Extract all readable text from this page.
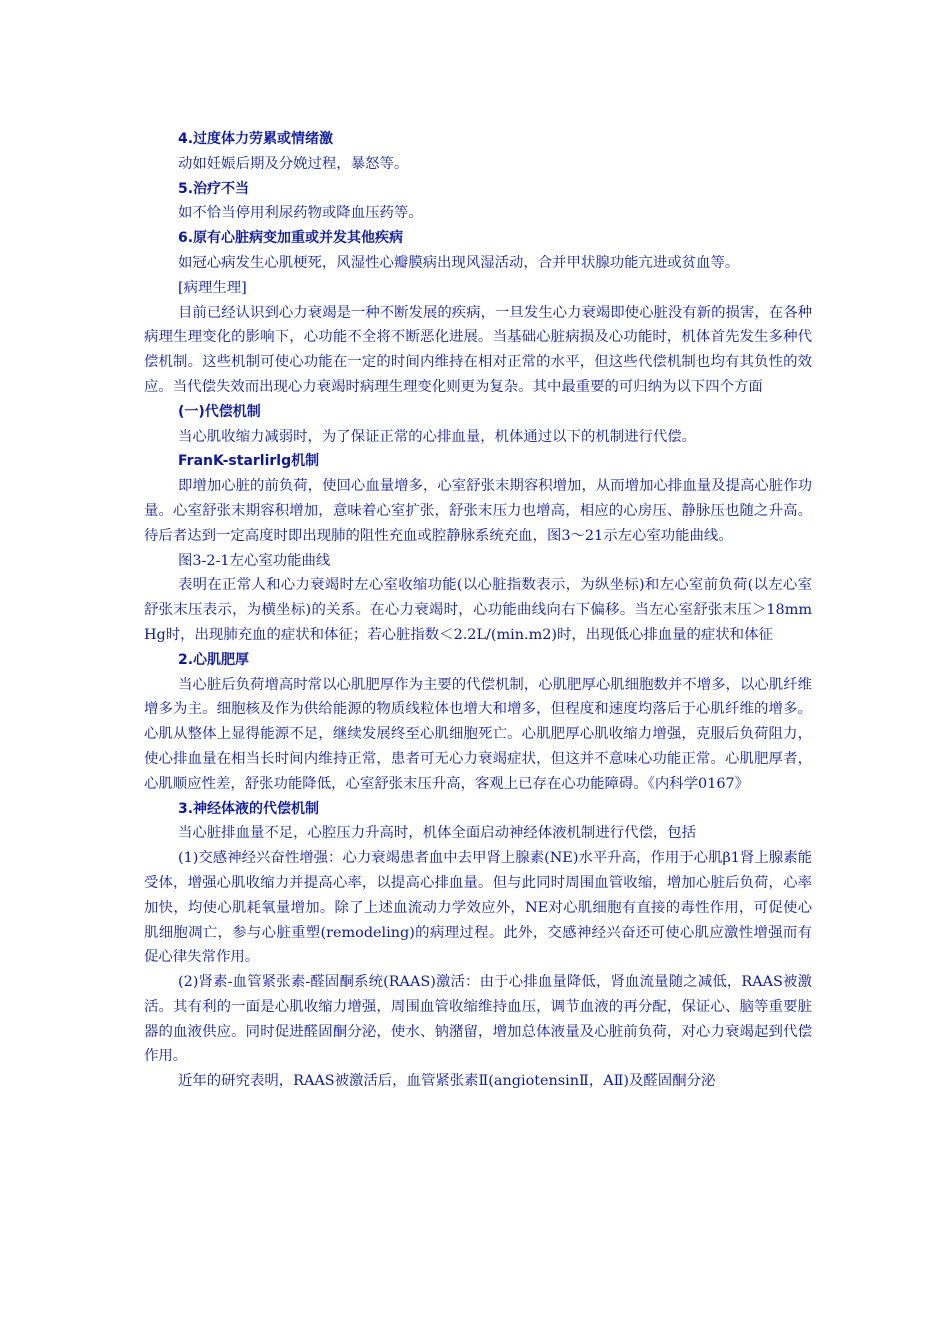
4.过度体力劳累或情绪激

动如妊娠后期及分娩过程，暴怒等。

5.治疗不当

如不恰当停用利尿药物或降血压药等。

6.原有心脏病变加重或并发其他疾病

如冠心病发生心肌梗死，风湿性心瓣膜病出现风湿活动，合并甲状腺功能亢进或贫血等。

[病理生理]

目前已经认识到心力衰竭是一种不断发展的疾病，一旦发生心力衰竭即使心脏没有新的损害，在各种病理生理变化的影响下，心功能不全将不断恶化进展。当基础心脏病损及心功能时，机体首先发生多种代偿机制。这些机制可使心功能在一定的时间内维持在相对正常的水平，但这些代偿机制也均有其负性的效应。当代偿失效而出现心力衰竭时病理生理变化则更为复杂。其中最重要的可归纳为以下四个方面

(一)代偿机制

当心肌收缩力减弱时，为了保证正常的心排血量，机体通过以下的机制进行代偿。

FranK-starlirlg机制

即增加心脏的前负荷，使回心血量增多，心室舒张末期容积增加，从而增加心排血量及提高心脏作功量。心室舒张末期容积增加，意味着心室扩张，舒张末压力也增高，相应的心房压、静脉压也随之升高。待后者达到一定高度时即出现肺的阻性充血或腔静脉系统充血，图3～21示左心室功能曲线。

图3-2-1左心室功能曲线

表明在正常人和心力衰竭时左心室收缩功能(以心脏指数表示，为纵坐标)和左心室前负荷(以左心室舒张末压表示，为横坐标)的关系。在心力衰竭时，心功能曲线向右下偏移。当左心室舒张末压＞18mmHg时，出现肺充血的症状和体征；若心脏指数＜2.2L/(min.m2)时，出现低心排血量的症状和体征

2.心肌肥厚

当心脏后负荷增高时常以心肌肥厚作为主要的代偿机制，心肌肥厚心肌细胞数并不增多，以心肌纤维增多为主。细胞核及作为供给能源的物质线粒体也增大和增多，但程度和速度均落后于心肌纤维的增多。心肌从整体上显得能源不足，继续发展终至心肌细胞死亡。心肌肥厚心肌收缩力增强，克服后负荷阻力，使心排血量在相当长时间内维持正常，患者可无心力衰竭症状，但这并不意味心功能正常。心肌肥厚者，心肌顺应性差，舒张功能降低，心室舒张末压升高，客观上已存在心功能障碍。《内科学0167》

3.神经体液的代偿机制

当心脏排血量不足，心腔压力升高时，机体全面启动神经体液机制进行代偿，包括

(1)交感神经兴奋性增强：心力衰竭患者血中去甲肾上腺素(NE)水平升高，作用于心肌β1肾上腺素能受体，增强心肌收缩力并提高心率，以提高心排血量。但与此同时周围血管收缩，增加心脏后负荷，心率加快，均使心肌耗氧量增加。除了上述血流动力学效应外，NE对心肌细胞有直接的毒性作用，可促使心肌细胞凋亡，参与心脏重塑(remodeling)的病理过程。此外，交感神经兴奋还可使心肌应激性增强而有促心律失常作用。

(2)肾素-血管紧张素-醛固酮系统(RAAS)激活：由于心排血量降低，肾血流量随之减低，RAAS被激活。其有利的一面是心肌收缩力增强，周围血管收缩维持血压，调节血液的再分配，保证心、脑等重要脏器的血液供应。同时促进醛固酮分泌，使水、钠潴留，增加总体液量及心脏前负荷，对心力衰竭起到代偿作用。

近年的研究表明，RAAS被激活后，血管紧张素Ⅱ(angiotensinⅡ，AⅡ)及醛固酮分泌
